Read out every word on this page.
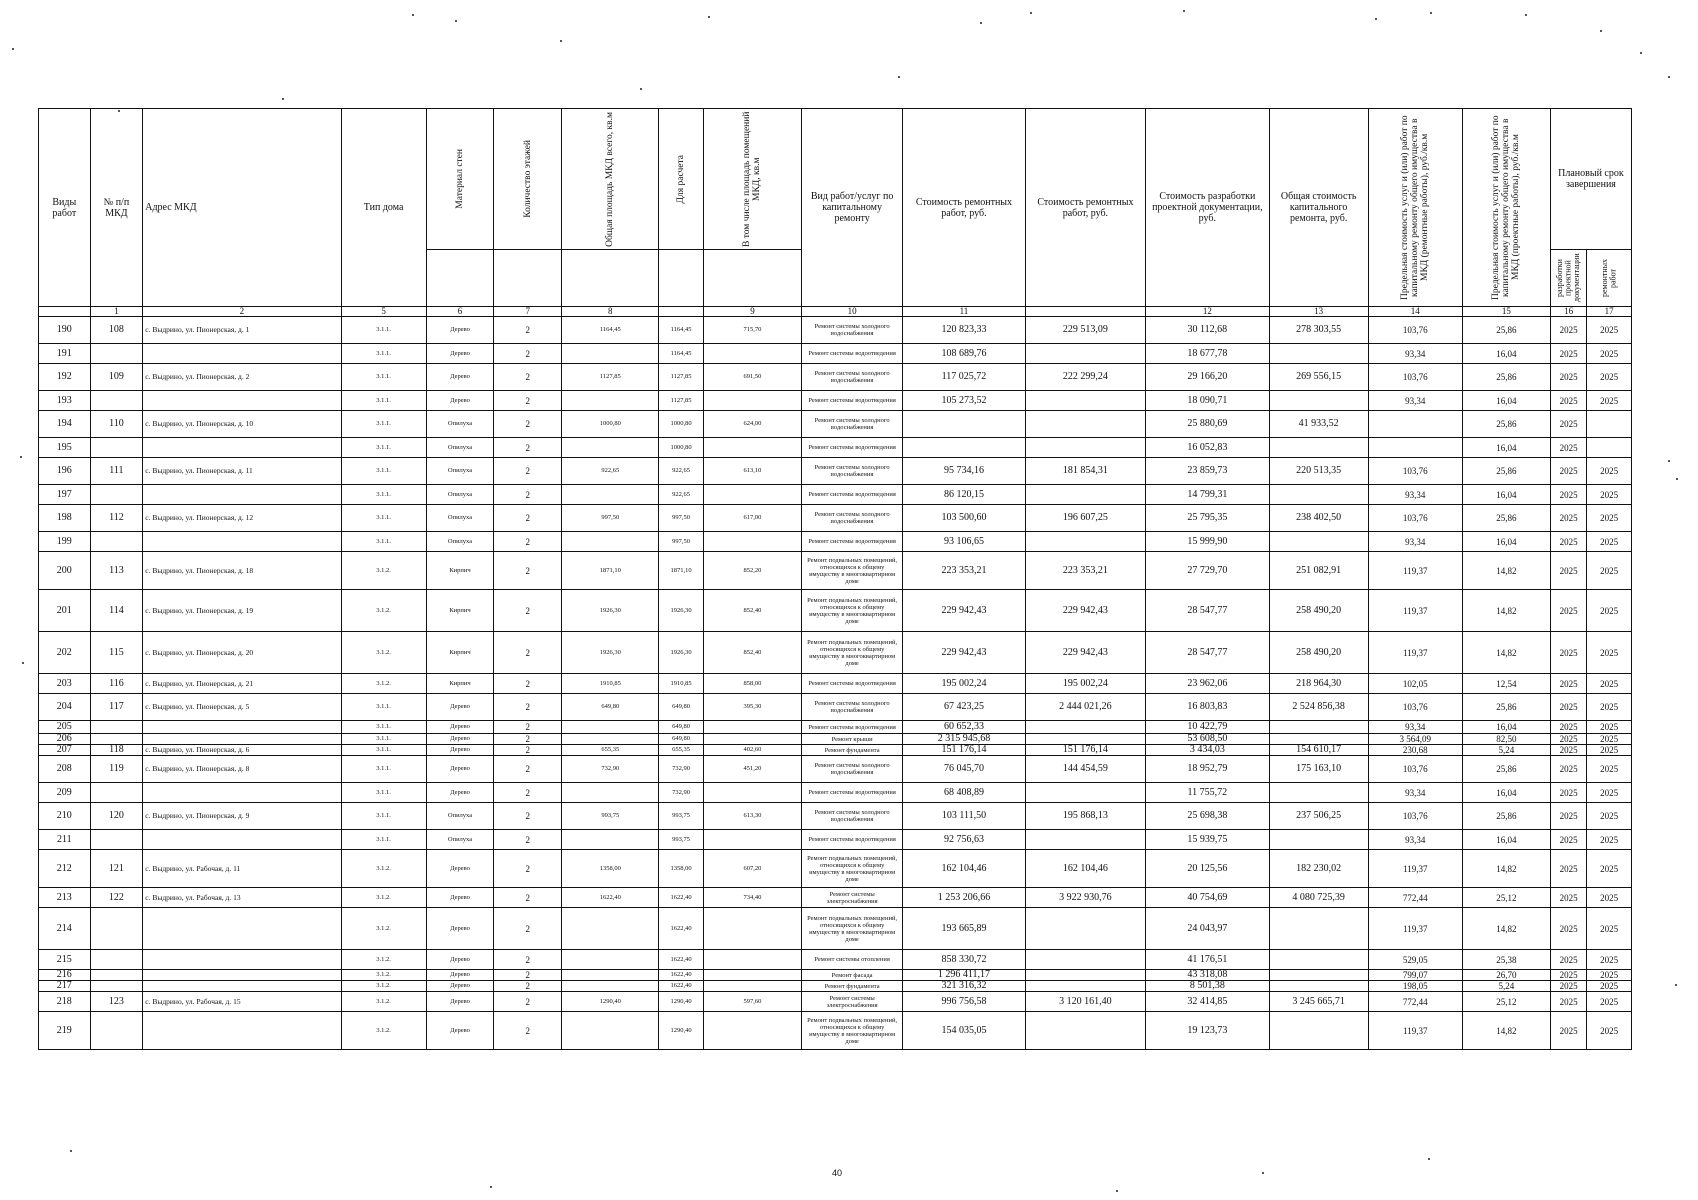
Виды работ	№ п/п МКД	Адрес МКД	Тип дома	Материал стен	Количество этажей	Общая площадь МКД всего, кв.м	Для расчета	В том числе площадь помещений МКД, кв.м	Вид работ/услуг по капитальному ремонту	Стоимость ремонтных работ, руб.	Стоимость ремонтных работ, руб.	Стоимость разработки проектной документации, руб.	Общая стоимость капитального ремонта, руб.	Предельная стоимость услуг и (или) работ по капитальному ремонту общего имущества в МКД (ремонтные работы), руб./кв.м	Предельная стоимость услуг и (или) работ по капитальному ремонту общего имущества в МКД (проектные работы), руб./кв.м	Плановый срок завершения	

																разработки проектной документации	ремонтных работ

	1	2	5	6	7	8		9	10	11		12	13	14	15	16	17
190	108	с. Выдрино, ул. Пионерская, д. 1	3.1.1.	Дерево	2	1164,45	1164,45	715,70	Ремонт системы холодного водоснабжения	120 823,33	229 513,09	30 112,68	278 303,55	103,76	25,86	2025	2025
191			3.1.1.	Дерево	2		1164,45		Ремонт системы водоотведения	108 689,76		18 677,78		93,34	16,04	2025	2025
192	109	с. Выдрино, ул. Пионерская, д. 2	3.1.1.	Дерево	2	1127,85	1127,85	691,50	Ремонт системы холодного водоснабжения	117 025,72	222 299,24	29 166,20	269 556,15	103,76	25,86	2025	2025
193			3.1.1.	Дерево	2		1127,85		Ремонт системы водоотведения	105 273,52		18 090,71		93,34	16,04	2025	2025
194	110	с. Выдрино, ул. Пионерская, д. 10	3.1.1.	Опилуха	2	1000,80	1000,80	624,00	Ремонт системы холодного водоснабжения			25 880,69	41 933,52		25,86	2025	
195			3.1.1.	Опилуха	2		1000,80		Ремонт системы водоотведения			16 052,83			16,04	2025	
196	111	с. Выдрино, ул. Пионерская, д. 11	3.1.1.	Опилуха	2	922,65	922,65	613,10	Ремонт системы холодного водоснабжения	95 734,16	181 854,31	23 859,73	220 513,35	103,76	25,86	2025	2025
197			3.1.1.	Опилуха	2		922,65		Ремонт системы водоотведения	86 120,15		14 799,31		93,34	16,04	2025	2025
198	112	с. Выдрино, ул. Пионерская, д. 12	3.1.1.	Опилуха	2	997,50	997,50	617,00	Ремонт системы холодного водоснабжения	103 500,60	196 607,25	25 795,35	238 402,50	103,76	25,86	2025	2025
199			3.1.1.	Опилуха	2		997,50		Ремонт системы водоотведения	93 106,65		15 999,90		93,34	16,04	2025	2025
200	113	с. Выдрино, ул. Пионерская, д. 18	3.1.2.	Кирпич	2	1871,10	1871,10	852,20	Ремонт подвальных помещений, относящихся к общему имуществу в многоквартирном доме	223 353,21	223 353,21	27 729,70	251 082,91	119,37	14,82	2025	2025
201	114	с. Выдрино, ул. Пионерская, д. 19	3.1.2.	Кирпич	2	1926,30	1926,30	852,40	Ремонт подвальных помещений, относящихся к общему имуществу в многоквартирном доме	229 942,43	229 942,43	28 547,77	258 490,20	119,37	14,82	2025	2025
202	115	с. Выдрино, ул. Пионерская, д. 20	3.1.2.	Кирпич	2	1926,30	1926,30	852,40	Ремонт подвальных помещений, относящихся к общему имуществу в многоквартирном доме	229 942,43	229 942,43	28 547,77	258 490,20	119,37	14,82	2025	2025
203	116	с. Выдрино, ул. Пионерская, д. 21	3.1.2.	Кирпич	2	1910,85	1910,85	858,00	Ремонт системы водоотведения	195 002,24	195 002,24	23 962,06	218 964,30	102,05	12,54	2025	2025
204	117	с. Выдрино, ул. Пионерская, д. 5	3.1.1.	Дерево	2	649,80	649,80	395,30	Ремонт системы холодного водоснабжения	67 423,25	2 444 021,26	16 803,83	2 524 856,38	103,76	25,86	2025	2025
205			3.1.1.	Дерево	2		649,80		Ремонт системы водоотведения	60 652,33		10 422,79		93,34	16,04	2025	2025
206			3.1.1.	Дерево	2		649,80		Ремонт крыши	2 315 945,68		53 608,50		3 564,09	82,50	2025	2025
207	118	с. Выдрино, ул. Пионерская, д. 6	3.1.1.	Дерево	2	655,35	655,35	402,60	Ремонт фундамента	151 176,14	151 176,14	3 434,03	154 610,17	230,68	5,24	2025	2025
208	119	с. Выдрино, ул. Пионерская, д. 8	3.1.1.	Дерево	2	732,90	732,90	451,20	Ремонт системы холодного водоснабжения	76 045,70	144 454,59	18 952,79	175 163,10	103,76	25,86	2025	2025
209			3.1.1.	Дерево	2		732,90		Ремонт системы водоотведения	68 408,89		11 755,72		93,34	16,04	2025	2025
210	120	с. Выдрино, ул. Пионерская, д. 9	3.1.1.	Опилуха	2	993,75	993,75	613,30	Ремонт системы холодного водоснабжения	103 111,50	195 868,13	25 698,38	237 506,25	103,76	25,86	2025	2025
211			3.1.1.	Опилуха	2		993,75		Ремонт системы водоотведения	92 756,63		15 939,75		93,34	16,04	2025	2025
212	121	с. Выдрино, ул. Рабочая, д. 11	3.1.2.	Дерево	2	1358,00	1358,00	607,20	Ремонт подвальных помещений, относящихся к общему имуществу в многоквартирном доме	162 104,46	162 104,46	20 125,56	182 230,02	119,37	14,82	2025	2025
213	122	с. Выдрино, ул. Рабочая, д. 13	3.1.2.	Дерево	2	1622,40	1622,40	734,40	Ремонт системы электроснабжения	1 253 206,66	3 922 930,76	40 754,69	4 080 725,39	772,44	25,12	2025	2025
214			3.1.2.	Дерево	2		1622,40		Ремонт подвальных помещений, относящихся к общему имуществу в многоквартирном доме	193 665,89		24 043,97		119,37	14,82	2025	2025
215			3.1.2.	Дерево	2		1622,40		Ремонт системы отопления	858 330,72		41 176,51		529,05	25,38	2025	2025
216			3.1.2.	Дерево	2		1622,40		Ремонт фасада	1 296 411,17		43 318,08		799,07	26,70	2025	2025
217			3.1.2.	Дерево	2		1622,40		Ремонт фундамента	321 316,32		8 501,38		198,05	5,24	2025	2025
218	123	с. Выдрино, ул. Рабочая, д. 15	3.1.2.	Дерево	2	1290,40	1290,40	597,60	Ремонт системы электроснабжения	996 756,58	3 120 161,40	32 414,85	3 245 665,71	772,44	25,12	2025	2025
219			3.1.2.	Дерево	2		1290,40		Ремонт подвальных помещений, относящихся к общему имуществу в многоквартирном доме	154 035,05		19 123,73		119,37	14,82	2025	2025
40
